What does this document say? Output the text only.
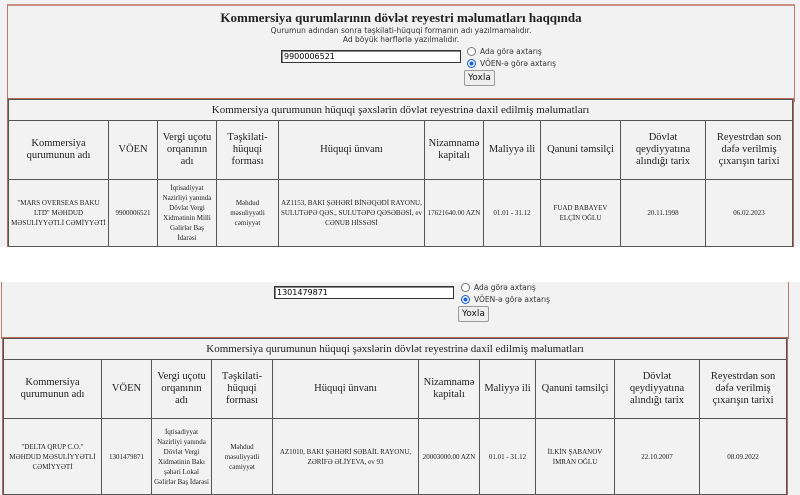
Kommersiya qurumlarının dövlət reyestri məlumatları haqqında
Qurumun adından sonra təşkilati-hüquqi formanın adı yazılmamalıdır.
Ad böyük hərflərlə yazılmalıdır.
9900006521
Ada görə axtarış
VÖEN-ə görə axtarış
Yoxla
Kommersiya qurumunun hüquqi şəxslərin dövlət reyestrinə daxil edilmiş məlumatları									
Kommersiya qurumunun adı	VÖEN	Vergi uçotu orqanının adı	Təşkilati-hüquqi forması	Hüquqi ünvanı	Nizamnamə kapitalı	Maliyyə ili	Qanuni təmsilçi	Dövlət qeydiyyatına alındığı tarix	Reyestrdən son dəfə verilmiş çıxarışın tarixi
"MARS OVERSEAS BAKU LTD" MƏHDUD MƏSULİYYƏTLİ CƏMİYYƏTİ	9900006521	İqtisadiyyat Nazirliyi yanında Dövlət Vergi Xidmətinin Milli Gəlirlər Baş İdarəsi	Məhdud məsuliyyətli cəmiyyət	AZ1153, BAKI ŞƏHƏRİ BİNƏQƏDİ RAYONU, SULUTƏPƏ QƏS., SULUTƏPƏ QƏSƏBƏSİ, ev CƏNUB HİSSƏSİ	17621640.00 AZN	01.01 - 31.12	FUAD BABAYEV ELÇİN OĞLU	20.11.1998	06.02.2023
1301479871
Ada görə axtarış
VÖEN-ə görə axtarış
Yoxla
Kommersiya qurumunun hüquqi şəxslərin dövlət reyestrinə daxil edilmiş məlumatları									
Kommersiya qurumunun adı	VÖEN	Vergi uçotu orqanının adı	Təşkilati-hüquqi forması	Hüquqi ünvanı	Nizamnamə kapitalı	Maliyyə ili	Qanuni təmsilçi	Dövlət qeydiyyatına alındığı tarix	Reyestrdən son dəfə verilmiş çıxarışın tarixi
"DELTA QRUP C.O." MƏHDUD MƏSULİYYƏTLİ CƏMİYYƏTİ	1301479871	İqtisadiyyat Nazirliyi yanında Dövlət Vergi Xidmətinin Bakı şəhəri Lokal Gəlirlər Baş İdarəsi	Məhdud məsuliyyətli cəmiyyət	AZ1010, BAKI ŞƏHƏRİ SƏBAİL RAYONU, ZƏRİFƏ ƏLİYEVA, ev 93	20003000.00 AZN	01.01 - 31.12	İLKİN ŞABANOV İMRAN OĞLU	22.10.2007	08.09.2022
